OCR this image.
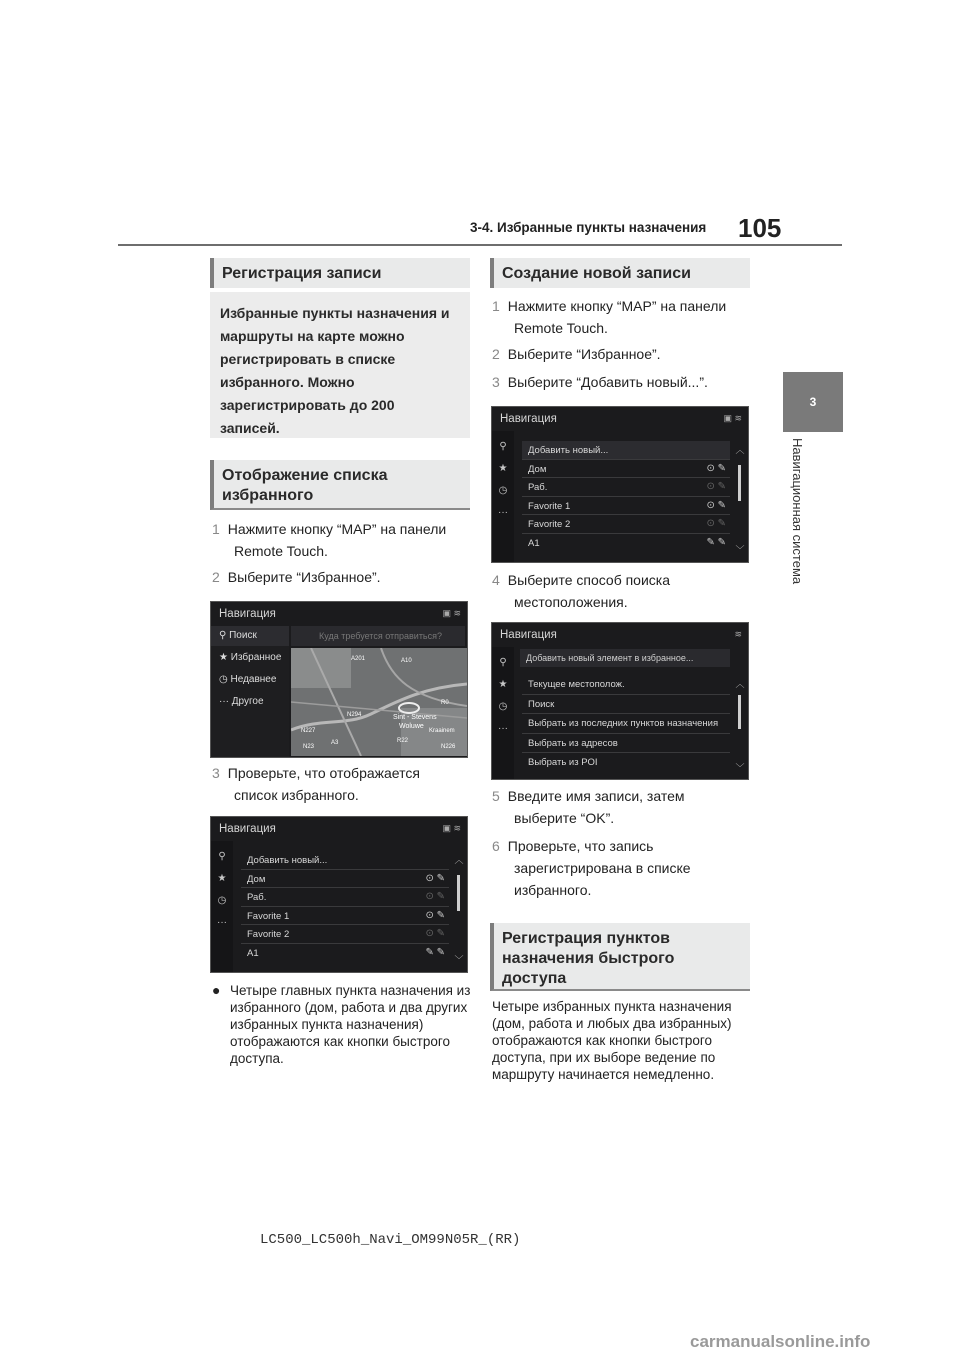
3-4. Избранные пункты назначения 105
3
Навигационная система
Регистрация записи
Избранные пункты назначения и маршруты на карте можно регистрировать в списке избранного. Можно зарегистрировать до 200 записей.
Отображение списка избранного
1 Нажмите кнопку “MAP” на панели
Remote Touch.
2 Выберите “Избранное”.
Навигация	▣ ≋
⚲ Поиск
★ Избранное
◷ Недавнее
··· Другое
Куда требуется отправиться?
A201	A10
Sint - Stevens
Woluwe
N294
A3	R22
N23	N226
Kraainem
R0
N227
3 Проверьте, что отображается
список избранного.
Навигация	▣ ≋
⚲
★
◷
···
Добавить новый...
Дом	⊙ ✎
Раб.	⊙ ✎
Favorite 1	⊙ ✎
Favorite 2	⊙ ✎
A1	✎ ✎
︿
﹀
● Четыре главных пункта назначения из избранного (дом, работа и два других избранных пункта назначения) отображаются как кнопки быстрого доступа.
Создание новой записи
1 Нажмите кнопку “MAP” на панели
Remote Touch.
2 Выберите “Избранное”.
3 Выберите “Добавить новый...”.
Навигация	▣ ≋
⚲
★
◷
···
Добавить новый...
Дом	⊙ ✎
Раб.	⊙ ✎
Favorite 1	⊙ ✎
Favorite 2	⊙ ✎
A1	✎ ✎
︿
﹀
4 Выберите способ поиска
местоположения.
Навигация	≋
⚲
★
◷
···
Добавить новый элемент в избранное...
Текущее местополож.
Поиск
Выбрать из последних пунктов назначения
Выбрать из адресов
Выбрать из POI
︿
﹀
5 Введите имя записи, затем
выберите “OK”.
6 Проверьте, что запись
зарегистрирована в списке
избранного.
Регистрация пунктов назначения быстрого доступа
Четыре избранных пункта назначения (дом, работа и любых два избранных) отображаются как кнопки быстрого доступа, при их выборе ведение по маршруту начинается немедленно.
LC500_LC500h_Navi_OM99N05R_(RR)
carmanualsonline.info
